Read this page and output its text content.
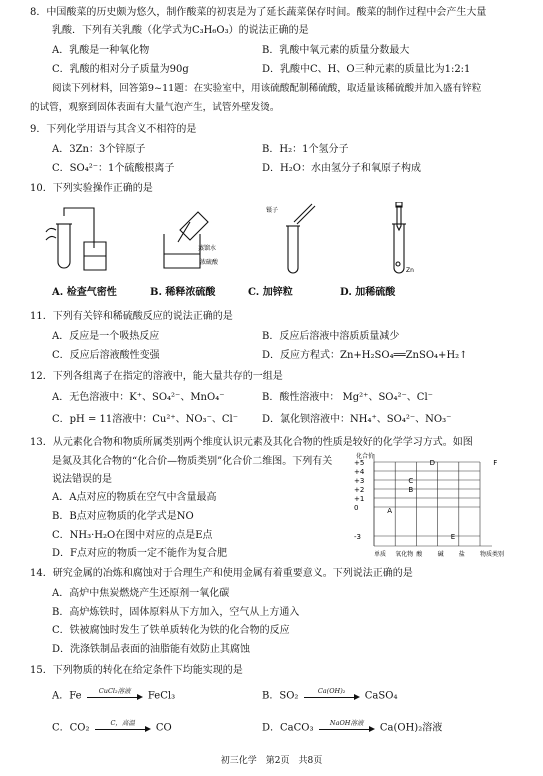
8．中国酸菜的历史颇为悠久，制作酸菜的初衷是为了延长蔬菜保存时间。酸菜的制作过程中会产生大量
乳酸．下列有关乳酸（化学式为C₃H₆O₃）的说法正确的是
A．乳酸是一种氧化物	B．乳酸中氧元素的质量分数最大
C．乳酸的相对分子质量为90g	D．乳酸中C、H、O三种元素的质量比为1:2:1
阅读下列材料，回答第9~11题：在实验室中，用该硫酸配制稀硫酸，取适量该稀硫酸并加入盛有锌粒
的试管，观察到固体表面有大量气泡产生，试管外壁发烫。
9．下列化学用语与其含义不相符的是
A．3Zn：3个锌原子	B．H₂：1个氢分子
C．SO₄²⁻：1个硫酸根离子	D．H₂O：水由氢分子和氧原子构成
10．下列实验操作正确的是
蒸馏水
浓硫酸
镊子
Zn
A. 检查气密性	B. 稀释浓硫酸	C. 加锌粒	D. 加稀硫酸
11．下列有关锌和稀硫酸反应的说法正确的是
A．反应是一个吸热反应	B．反应后溶液中溶质质量减少
C．反应后溶液酸性变强	D．反应方程式：Zn+H₂SO₄══ZnSO₄+H₂↑
12．下列各组离子在指定的溶液中，能大量共存的一组是
A．无色溶液中：K⁺、SO₄²⁻、MnO₄⁻	B．酸性溶液中： Mg²⁺、SO₄²⁻、Cl⁻
C．pH = 11溶液中：Cu²⁺、NO₃⁻、Cl⁻ D．氯化钡溶液中：NH₄⁺、SO₄²⁻、NO₃⁻
13．从元素化合物和物质所属类别两个维度认识元素及其化合物的性质是较好的化学学习方式。如图
是氮及其化合物的“化合价—物质类别”化合价二维图。下列有关
说法错误的是
A．A点对应的物质在空气中含量最高
B．B点对应物质的化学式是NO
C．NH₃·H₂O在图中对应的点是E点
D．F点对应的物质一定不能作为复合肥
+5
+4
+3
+2
+1
0
-3
单质 氧化物 酸	碱	盐	物质类别
A
B
C
D
E
F
化合价
14．研究金属的冶炼和腐蚀对于合理生产和使用金属有着重要意义。下列说法正确的是
A．高炉中焦炭燃烧产生还原剂一氧化碳
B．高炉炼铁时，固体原料从下方加入，空气从上方通入
C．铁被腐蚀时发生了铁单质转化为铁的化合物的反应
D．洗涤铁制品表面的油脂能有效防止其腐蚀
15．下列物质的转化在给定条件下均能实现的是
A．Fe	CuCl₂溶液	FeCl₃	B．SO₂	Ca(OH)₂	CaSO₄
C．CO₂	C，高温	CO	D．CaCO₃	NaOH溶液	Ca(OH)₂溶液
初三化学　第2页　共8页
